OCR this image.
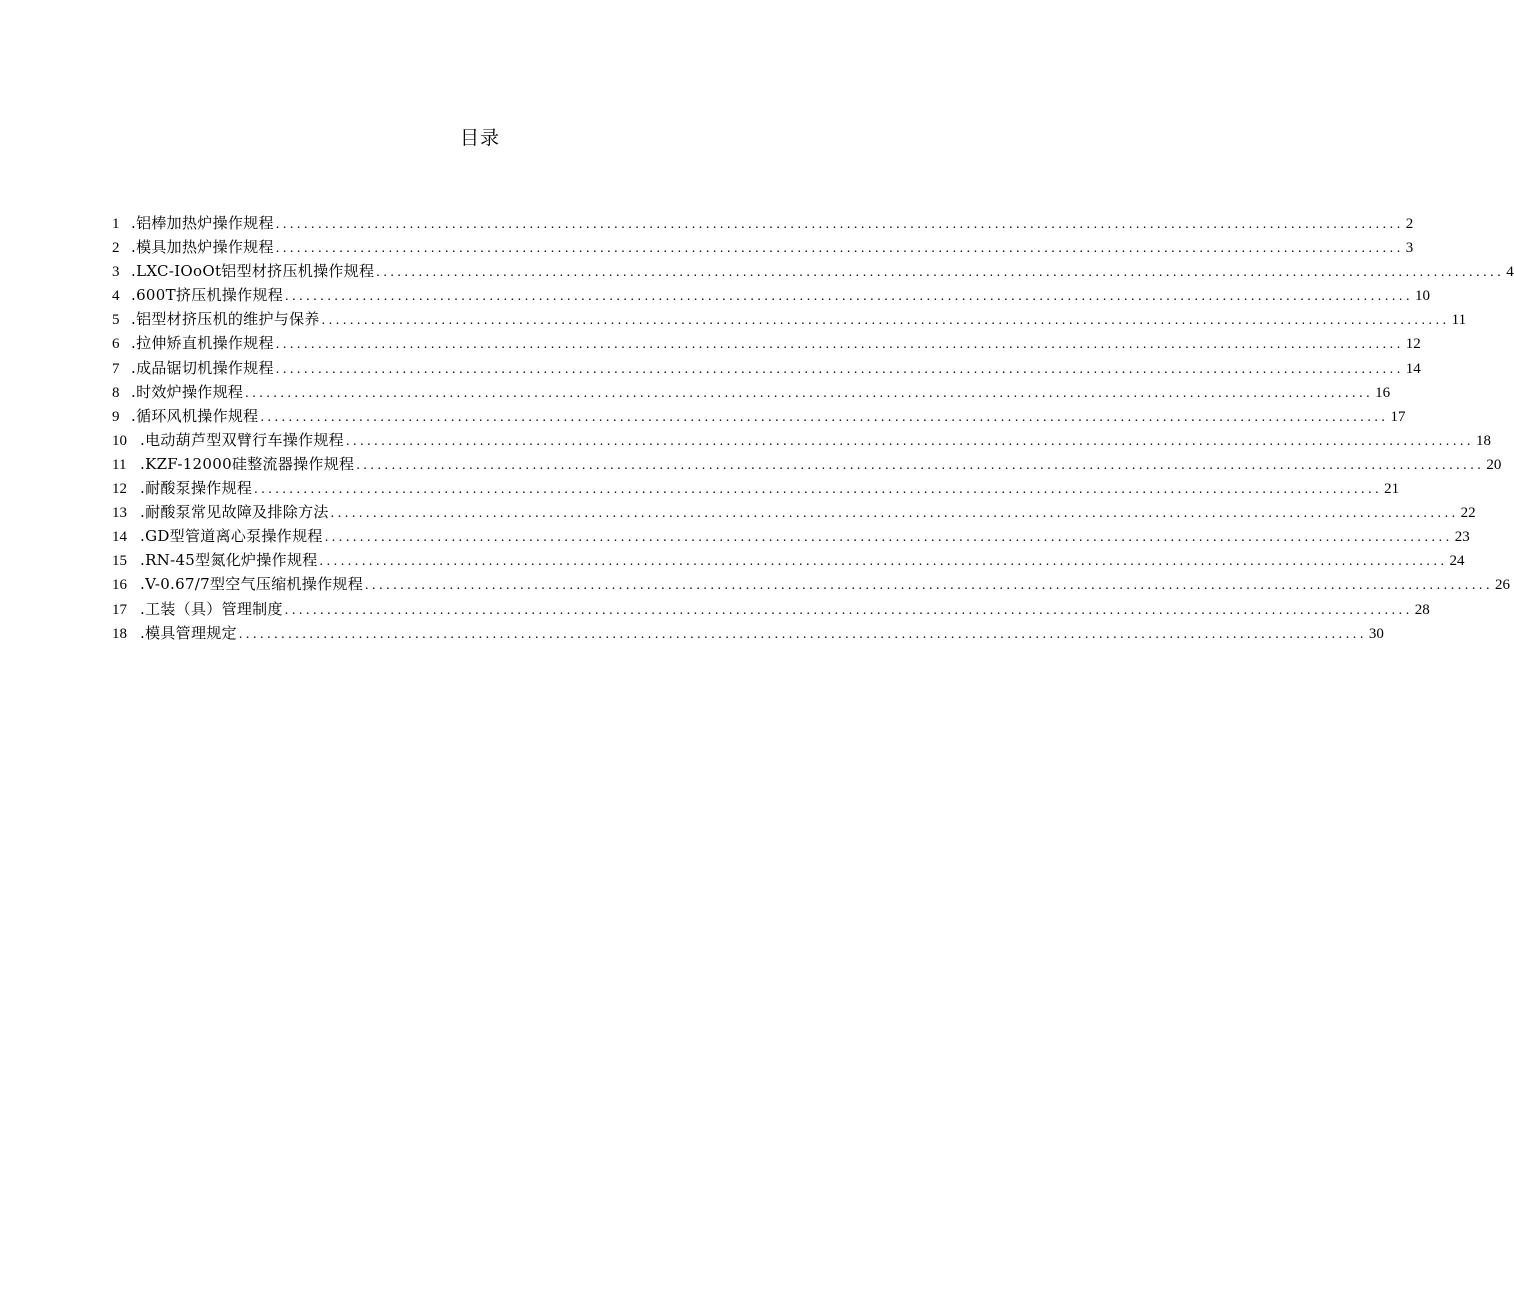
目录
1 .铝棒加热炉操作规程 ................................................................................................................................................................ 2
2 .模具加热炉操作规程 ................................................................................................................................................................ 3
3 .LXC-IOoOt铝型材挤压机操作规程 ................................................................................................................................................................ 4
4 .600T挤压机操作规程 ................................................................................................................................................................ 10
5 .铝型材挤压机的维护与保养 ................................................................................................................................................................ 11
6 .拉伸矫直机操作规程 ................................................................................................................................................................ 12
7 .成品锯切机操作规程 ................................................................................................................................................................ 14
8 .时效炉操作规程 ................................................................................................................................................................ 16
9 .循环风机操作规程 ................................................................................................................................................................ 17
10 .电动葫芦型双臂行车操作规程 ................................................................................................................................................................ 18
11 .KZF-12000硅整流器操作规程 ................................................................................................................................................................ 20
12 .耐酸泵操作规程 ................................................................................................................................................................ 21
13 .耐酸泵常见故障及排除方法 ................................................................................................................................................................ 22
14 .GD型管道离心泵操作规程 ................................................................................................................................................................ 23
15 .RN-45型氮化炉操作规程 ................................................................................................................................................................ 24
16 .V-0.67/7型空气压缩机操作规程 ................................................................................................................................................................ 26
17 .工装（具）管理制度 ................................................................................................................................................................ 28
18 .模具管理规定 ................................................................................................................................................................ 30
